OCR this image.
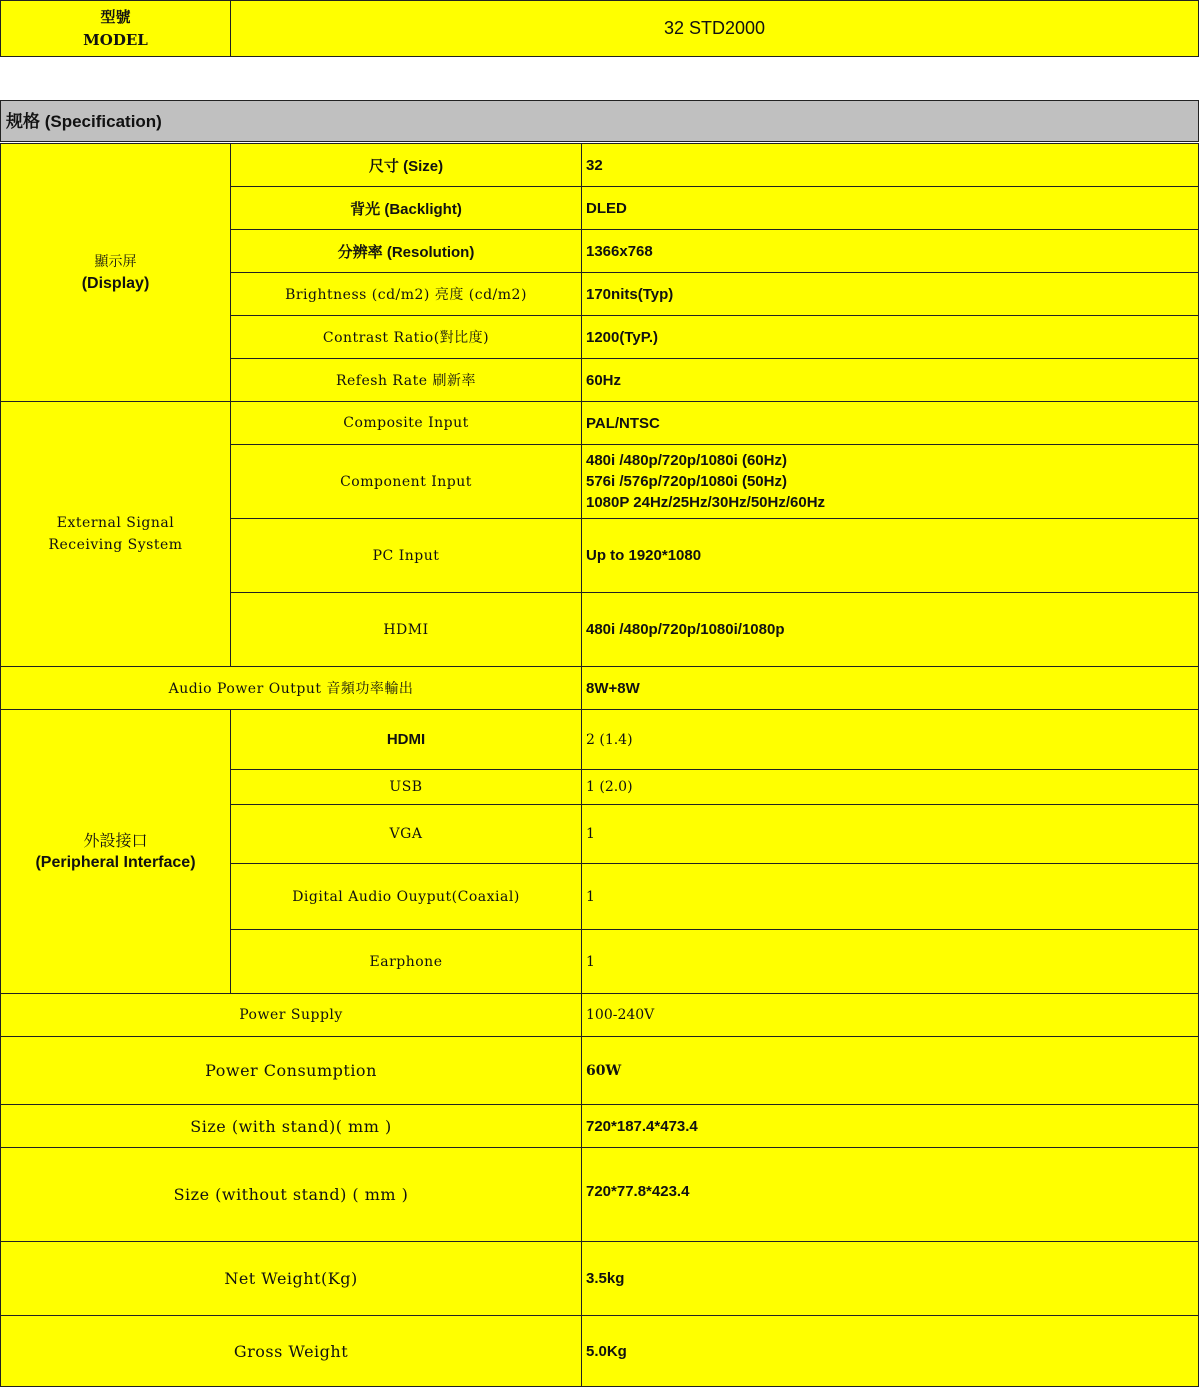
型號
MODEL
	32 STD2000
规格 (Specification)
顯示屏
(Display)	尺寸 (Size)	32
	背光 (Backlight)	DLED
	分辨率 (Resolution)	1366x768
	Brightness (cd/m2) 亮度 (cd/m2)	170nits(Typ)
	Contrast Ratio(對比度)	1200(TyP.)
	Refesh Rate 刷新率	60Hz

External Signal
Receiving System	Composite Input	PAL/NTSC
	Component Input	480i /480p/720p/1080i (60Hz)
576i /576p/720p/1080i (50Hz)
1080P 24Hz/25Hz/30Hz/50Hz/60Hz

	PC Input	Up to 1920*1080
	HDMI	480i /480p/720p/1080i/1080p
Audio Power Output 音頻功率輸出		8W+8W

外設接口
(Peripheral Interface)	HDMI	2 (1.4)
	USB	1 (2.0)
	VGA	1
	Digital Audio Ouyput(Coaxial)	1
	Earphone	1
Power Supply		100-240V
Power Consumption		60W
Size (with stand)( mm )		720*187.4*473.4
Size (without stand) ( mm )		720*77.8*423.4
Net Weight(Kg)		3.5kg
Gross Weight		5.0Kg
